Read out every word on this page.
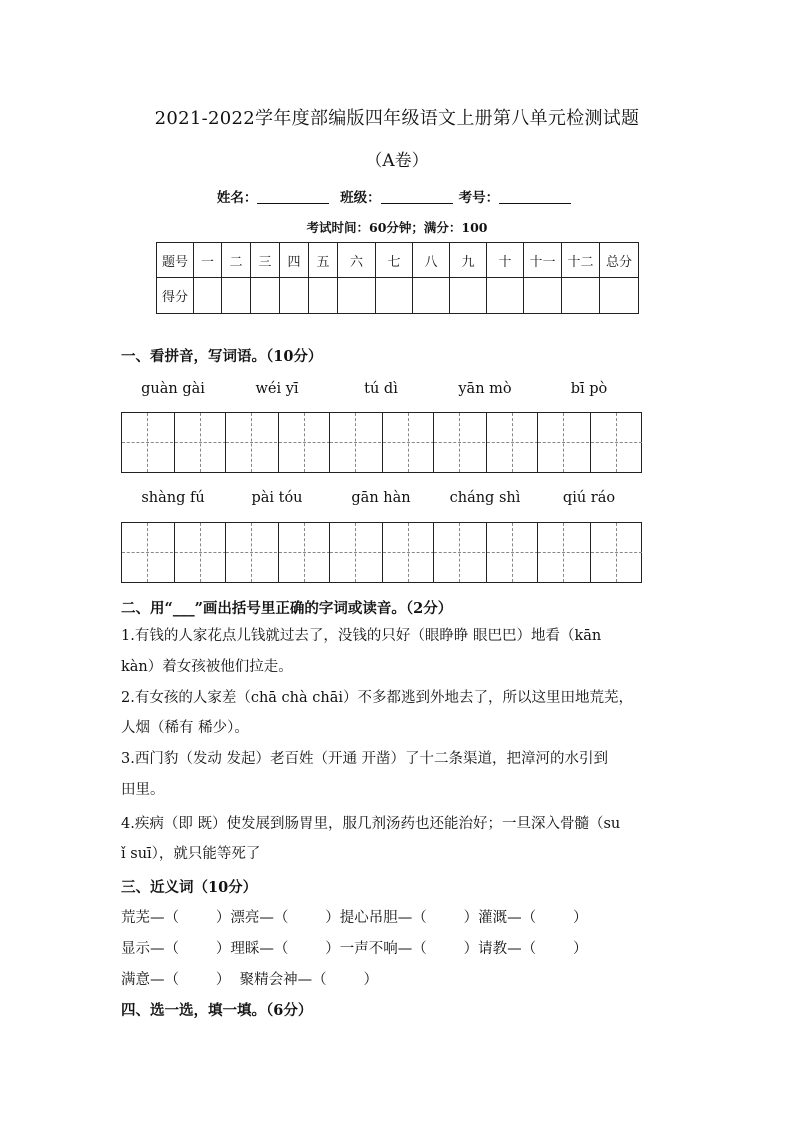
2021-2022学年度部编版四年级语文上册第八单元检测试题
（A卷）
姓名：	班级：	考号：
考试时间：60分钟；满分：100
题号	一	二	三	四	五	六	七	八	九	十	十一	十二	总分
得分													
一、看拼音，写词语。（10分）
guàn gài	wéi yī	tú dì	yān mò	bī pò
shàng fú	pài tóu	gān hàn	cháng shì	qiú ráo
二、用“___”画出括号里正确的字词或读音。（2分）
1.有钱的人家花点儿钱就过去了，没钱的只好（眼睁睁 眼巴巴）地看（kān
kàn）着女孩被他们拉走。
2.有女孩的人家差（chā chà chāi）不多都逃到外地去了，所以这里田地荒芜，
人烟（稀有 稀少）。
3.西门豹（发动 发起）老百姓（开通 开凿）了十二条渠道，把漳河的水引到
田里。
4.疾病（即 既）使发展到肠胃里，服几剂汤药也还能治好；一旦深入骨髓（su
ǐ suī），就只能等死了
三、近义词（10分）
荒芜—（        ）漂亮—（        ）提心吊胆—（        ）灌溉—（        ）
显示—（        ）理睬—（        ）一声不响—（        ）请教—（        ）
满意—（        ）  聚精会神—（        ）
四、选一选，填一填。（6分）
